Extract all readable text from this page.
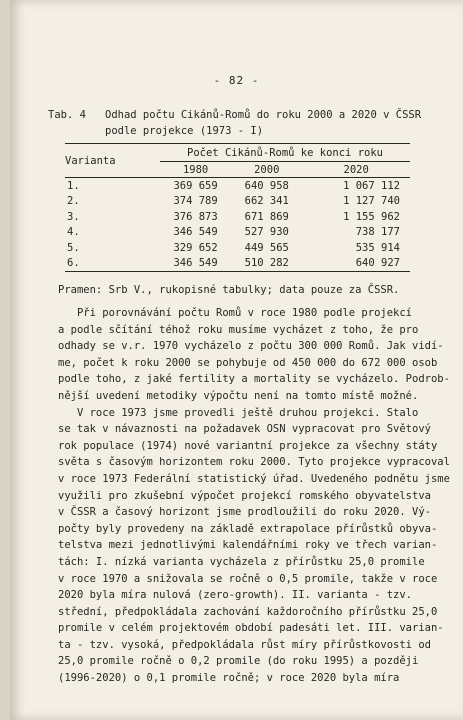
- 82 -
Tab. 4 Odhad počtu Cikánů-Romů do roku 2000 a 2020 v ČSSR
podle projekce (1973 - I)
Varianta	Počet Cikánů-Romů ke konci roku		
	1980	2000	2020
1.	369 659	640 958	1 067 112
2.	374 789	662 341	1 127 740
3.	376 873	671 869	1 155 962
4.	346 549	527 930	738 177
5.	329 652	449 565	535 914
6.	346 549	510 282	640 927
Pramen: Srb V., rukopisné tabulky; data pouze za ČSSR.

Při porovnávání počtu Romů v roce 1980 podle projekcí

a podle sčítání téhož roku musíme vycházet z toho, že pro

odhady se v.r. 1970 vycházelo z počtu 300 000 Romů. Jak vidí-

me, počet k roku 2000 se pohybuje od 450 000 do 672 000 osob

podle toho, z jaké fertility a mortality se vycházelo. Podrob-

nější uvedení metodiky výpočtu není na tomto místě možné.

V roce 1973 jsme provedli ještě druhou projekci. Stalo

se tak v návaznosti na požadavek OSN vypracovat pro Světový

rok populace (1974) nové variantní projekce za všechny státy

světa s časovým horizontem roku 2000. Tyto projekce vypracoval

v roce 1973 Federální statistický úřad. Uvedeného podnětu jsme

využili pro zkušební výpočet projekcí romského obyvatelstva

v ČSSR a časový horizont jsme prodloužili do roku 2020. Vý-

počty byly provedeny na základě extrapolace přírůstků obyva-

telstva mezi jednotlivými kalendářními roky ve třech varian-

tách: I. nízká varianta vycházela z přírůstku 25,0 promile

v roce 1970 a snižovala se ročně o 0,5 promile, takže v roce

2020 byla míra nulová (zero-growth). II. varianta - tzv.

střední, předpokládala zachování každoročního přírůstku 25,0

promile v celém projektovém období padesáti let. III. varian-

ta - tzv. vysoká, předpokládala růst míry přírůstkovosti od

25,0 promile ročně o 0,2 promile (do roku 1995) a později

(1996-2020) o 0,1 promile ročně; v roce 2020 byla míra
